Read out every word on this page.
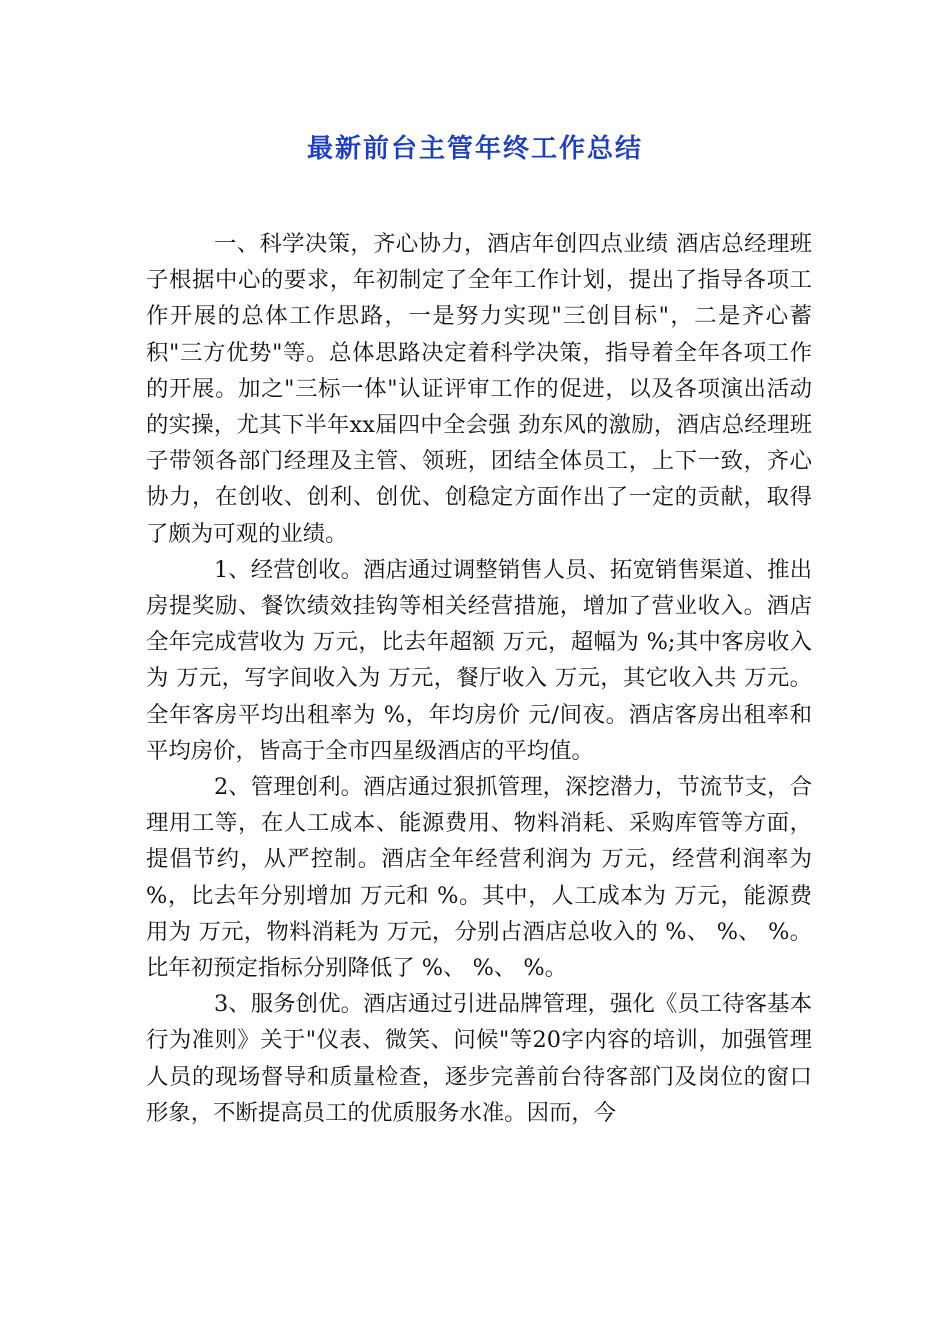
最新前台主管年终工作总结

一、科学决策，齐心协力，酒店年创四点业绩 酒店总经理班子根据中心的要求，年初制定了全年工作计划，提出了指导各项工作开展的总体工作思路，一是努力实现"三创目标"，二是齐心蓄积"三方优势"等。总体思路决定着科学决策，指导着全年各项工作的开展。加之"三标一体"认证评审工作的促进，以及各项演出活动的实操，尤其下半年xx届四中全会强 劲东风的激励，酒店总经理班子带领各部门经理及主管、领班，团结全体员工，上下一致，齐心协力，在创收、创利、创优、创稳定方面作出了一定的贡献，取得了颇为可观的业绩。

1、经营创收。酒店通过调整销售人员、拓宽销售渠道、推出房提奖励、餐饮绩效挂钩等相关经营措施，增加了营业收入。酒店全年完成营收为 万元，比去年超额 万元，超幅为 %;其中客房收入为 万元，写字间收入为 万元，餐厅收入 万元，其它收入共 万元。全年客房平均出租率为 %，年均房价 元/间夜。酒店客房出租率和平均房价，皆高于全市四星级酒店的平均值。

2、管理创利。酒店通过狠抓管理，深挖潜力，节流节支，合理用工等，在人工成本、能源费用、物料消耗、采购库管等方面，提倡节约，从严控制。酒店全年经营利润为 万元，经营利润率为 %，比去年分别增加 万元和 %。其中，人工成本为 万元，能源费用为 万元，物料消耗为 万元，分别占酒店总收入的 %、 %、 %。比年初预定指标分别降低了 %、 %、 %。

3、服务创优。酒店通过引进品牌管理，强化《员工待客基本行为准则》关于"仪表、微笑、问候"等20字内容的培训，加强管理人员的现场督导和质量检查，逐步完善前台待客部门及岗位的窗口形象，不断提高员工的优质服务水准。因而，今
